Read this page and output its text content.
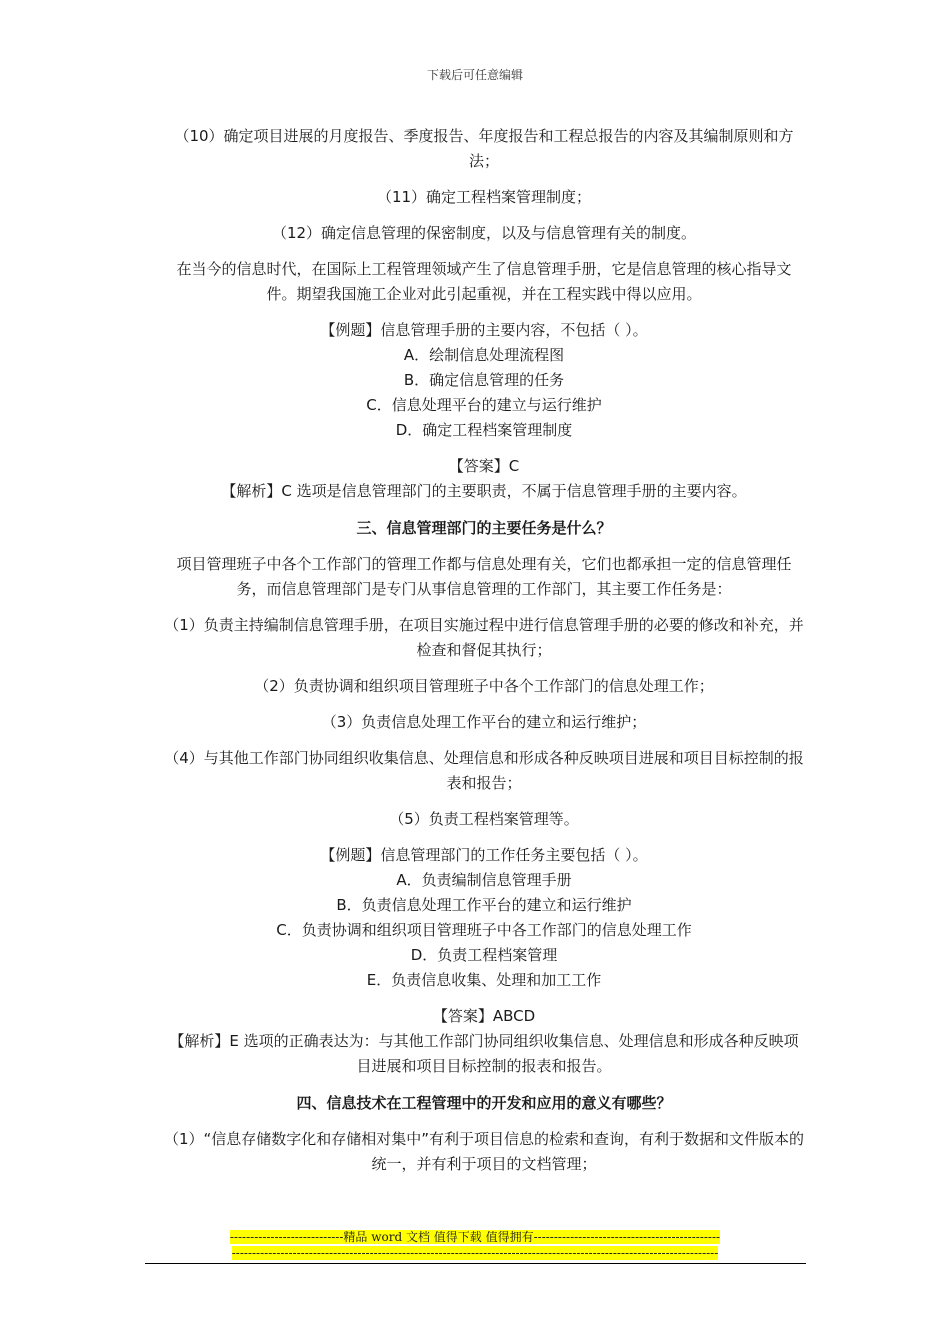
下载后可任意编辑

（10）确定项目进展的月度报告、季度报告、年度报告和工程总报告的内容及其编制原则和方法；

（11）确定工程档案管理制度；

（12）确定信息管理的保密制度，以及与信息管理有关的制度。

在当今的信息时代，在国际上工程管理领域产生了信息管理手册，它是信息管理的核心指导文件。期望我国施工企业对此引起重视，并在工程实践中得以应用。

【例题】信息管理手册的主要内容，不包括（ ）。

A．绘制信息处理流程图

B．确定信息管理的任务

C．信息处理平台的建立与运行维护

D．确定工程档案管理制度

【答案】C

【解析】C 选项是信息管理部门的主要职责，不属于信息管理手册的主要内容。

三、信息管理部门的主要任务是什么？

项目管理班子中各个工作部门的管理工作都与信息处理有关，它们也都承担一定的信息管理任务，而信息管理部门是专门从事信息管理的工作部门，其主要工作任务是：

（1）负责主持编制信息管理手册，在项目实施过程中进行信息管理手册的必要的修改和补充，并检查和督促其执行；

（2）负责协调和组织项目管理班子中各个工作部门的信息处理工作；

（3）负责信息处理工作平台的建立和运行维护；

（4）与其他工作部门协同组织收集信息、处理信息和形成各种反映项目进展和项目目标控制的报表和报告；

（5）负责工程档案管理等。

【例题】信息管理部门的工作任务主要包括（ ）。

A．负责编制信息管理手册

B．负责信息处理工作平台的建立和运行维护

C．负责协调和组织项目管理班子中各工作部门的信息处理工作

D．负责工程档案管理

E．负责信息收集、处理和加工工作

【答案】ABCD

【解析】E 选项的正确表达为：与其他工作部门协同组织收集信息、处理信息和形成各种反映项目进展和项目目标控制的报表和报告。

四、信息技术在工程管理中的开发和应用的意义有哪些？

（1）“信息存储数字化和存储相对集中”有利于项目信息的检索和查询，有利于数据和文件版本的统一，并有利于项目的文档管理；

----------------------------精品 word 文档 值得下载 值得拥有----------------------------------------------
------------------------------------------------------------------------------------------------------------------------
